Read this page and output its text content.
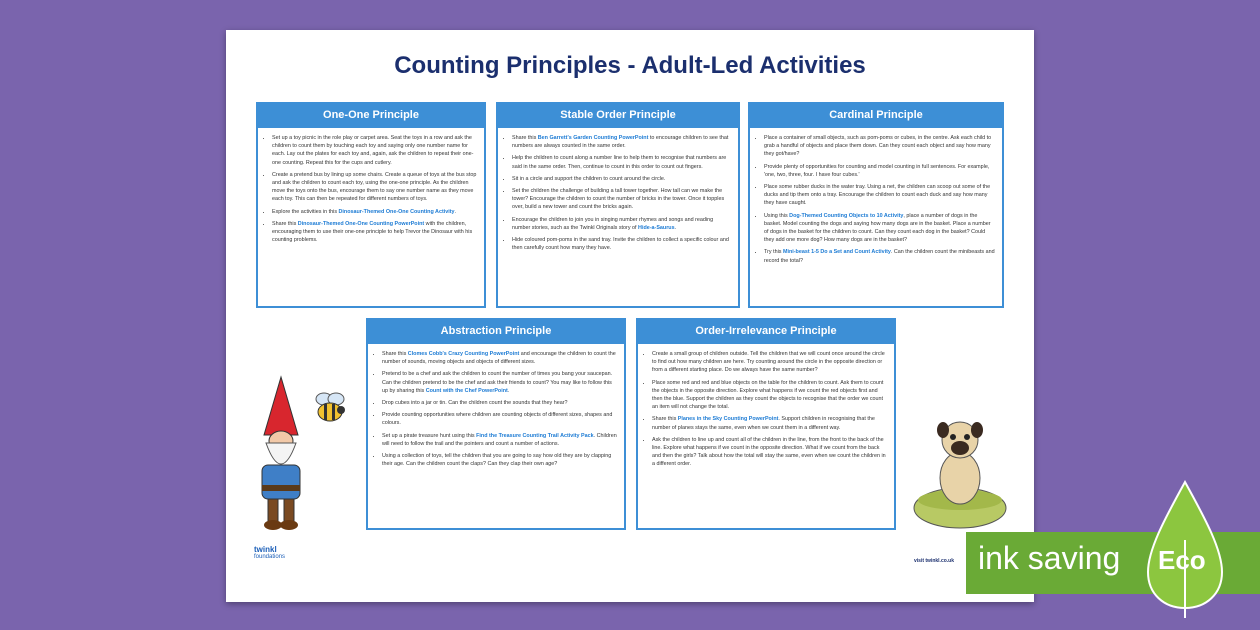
Counting Principles - Adult-Led Activities
One-One Principle
• Set up a toy picnic in the role play or carpet area. Seat the toys in a row and ask the children to count them by touching each toy and saying only one number name for each. Lay out the plates for each toy and, again, ask the children to repeat their one-one counting. Repeat this for the cups and cutlery.
• Create a pretend bus by lining up some chairs. Create a queue of toys at the bus stop and ask the children to count each toy, using the one-one principle. As the children move the toys onto the bus, encourage them to say one number name as they move each toy. This can then be repeated for different numbers of toys.
• Explore the activities in this Dinosaur-Themed One-One Counting Activity.
• Share this Dinosaur-Themed One-One Counting PowerPoint with the children, encouraging them to use their one-one principle to help Trevor the Dinosaur with his counting problems.
Stable Order Principle
• Share this Ben Garrett's Garden Counting PowerPoint to encourage children to see that numbers are always counted in the same order.
• Help the children to count along a number line to help them to recognise that numbers are said in the same order. Then, continue to count in this order to count out fingers.
• Sit in a circle and support the children to count around the circle.
• Set the children the challenge of building a tall tower together. How tall can we make the tower? Encourage the children to count the number of bricks in the tower. Once it topples over, build a new tower and count the bricks again.
• Encourage the children to join you in singing number rhymes and songs and reading number stories, such as the Twinkl Originals story of Hide-a-Saurus.
• Hide coloured pom-poms in the sand tray. Invite the children to collect a specific colour and then carefully count how many they have.
Cardinal Principle
• Place a container of small objects, such as pom-poms or cubes, in the centre. Ask each child to grab a handful of objects and place them down. Can they count each object and say how many they got/have?
• Provide plenty of opportunities for counting and model counting in full sentences. For example, 'one, two, three, four. I have four cubes.'
• Place some rubber ducks in the water tray. Using a net, the children can scoop out some of the ducks and tip them onto a tray. Encourage the children to count each duck and say how many they have caught.
• Using this Dog-Themed Counting Objects to 10 Activity, place a number of dogs in the basket. Model counting the dogs and saying how many dogs are in the basket. Place a number of dogs in the basket for the children to count. Can they count each dog in the basket? Could they add one more dog? How many dogs are in the basket?
• Try this Mini-beast 1-5 Do a Set and Count Activity. Can the children count the minibeasts and record the total?
Abstraction Principle
• Share this Clomes Cobb's Crazy Counting PowerPoint and encourage the children to count the number of sounds, moving objects and objects of different sizes.
• Pretend to be a chef and ask the children to count the number of times you bang your saucepan. Can the children pretend to be the chef and ask their friends to count? You may like to follow this up by sharing this Count with the Chef PowerPoint.
• Drop cubes into a jar or tin. Can the children count the sounds that they hear?
• Provide counting opportunities where children are counting objects of different sizes, shapes and colours.
• Set up a pirate treasure hunt using this Find the Treasure Counting Trail Activity Pack. Children will need to follow the trail and the pointers and count a number of actions.
• Using a collection of toys, tell the children that you are going to say how old they are by clapping their age. Can the children count the claps? Can they clap their own age?
Order-Irrelevance Principle
• Create a small group of children outside. Tell the children that we will count once around the circle to find out how many children are here. Try counting around the circle in the opposite direction or from a different starting place. Do we always have the same number?
• Place some red and red and blue objects on the table for the children to count. Ask them to count the objects in the opposite direction. Explore what happens if we count the red objects first and then the blue. Support the children as they count the objects to recognise that the order we count an item will not change the total.
• Share this Planes in the Sky Counting PowerPoint. Support children in recognising that the number of planes stays the same, even when we count them in a different way.
• Ask the children to line up and count all of the children in the line, from the front to the back of the line. Explore what happens if we count in the opposite direction. What if we count from the back and then the girls? Talk about how the total will stay the same, even when we count the children in a different order.
twinkl
foundations
visit twinkl.co.uk ink saving Eco
